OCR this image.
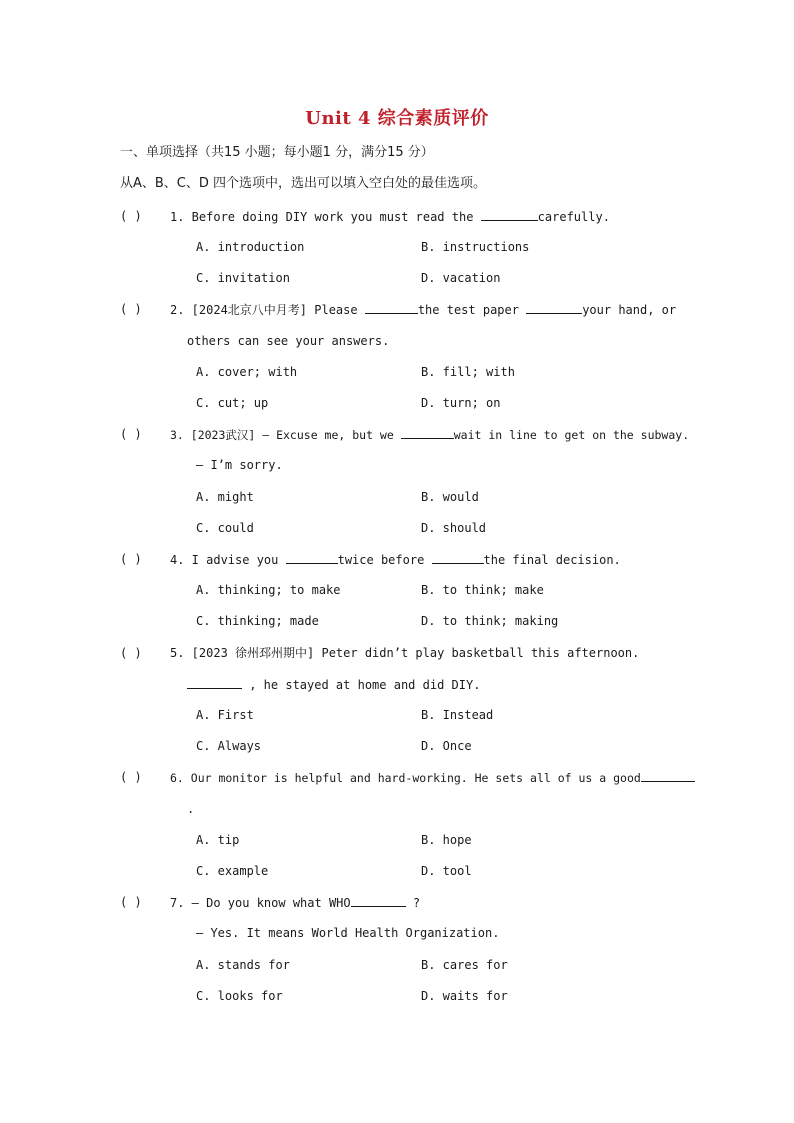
Unit 4 综合素质评价
一、单项选择（共15 小题；每小题1 分，满分15 分）
从A、B、C、D 四个选项中，选出可以填入空白处的最佳选项。
( )	1. Before doing DIY work you must read the	carefully.
A. introduction	B. instructions
C. invitation	D. vacation
( )	2. [2024北京八中月考] Please	the test paper	your hand, or
others can see your answers.
A. cover; with	B. fill; with
C. cut; up	D. turn; on
( )	3. [2023武汉] — Excuse me, but we	wait in line to get on the subway.
— I’m sorry.
A. might	B. would
C. could	D. should
( )	4. I advise you	twice before	the final decision.
A. thinking; to make	B. to think; make
C. thinking; made	D. to think; making
( )	5. [2023 徐州邳州期中] Peter didn’t play basketball this afternoon.
, he stayed at home and did DIY.
A. First	B. Instead
C. Always	D. Once
( )	6. Our monitor is helpful and hard-working. He sets all of us a good
.
A. tip	B. hope
C. example	D. tool
( )	7. — Do you know what WHO	?
— Yes. It means World Health Organization.
A. stands for	B. cares for
C. looks for	D. waits for
